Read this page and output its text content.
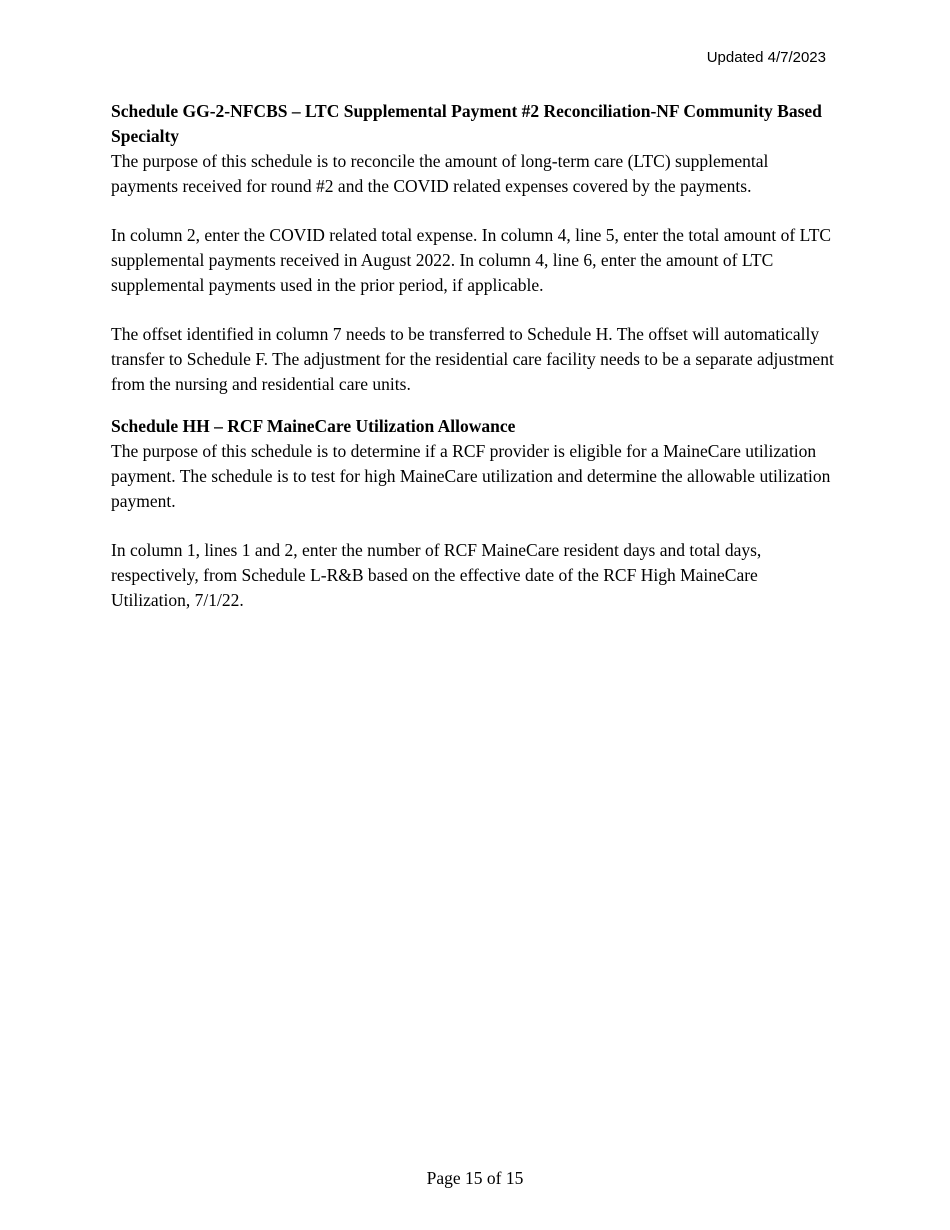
Updated 4/7/2023

Schedule GG-2-NFCBS – LTC Supplemental Payment #2 Reconciliation-NF Community Based Specialty

The purpose of this schedule is to reconcile the amount of long-term care (LTC) supplemental payments received for round #2 and the COVID related expenses covered by the payments.

In column 2, enter the COVID related total expense. In column 4, line 5, enter the total amount of LTC supplemental payments received in August 2022. In column 4, line 6, enter the amount of LTC supplemental payments used in the prior period, if applicable.

The offset identified in column 7 needs to be transferred to Schedule H. The offset will automatically transfer to Schedule F. The adjustment for the residential care facility needs to be a separate adjustment from the nursing and residential care units.

Schedule HH – RCF MaineCare Utilization Allowance

The purpose of this schedule is to determine if a RCF provider is eligible for a MaineCare utilization payment. The schedule is to test for high MaineCare utilization and determine the allowable utilization payment.

In column 1, lines 1 and 2, enter the number of RCF MaineCare resident days and total days, respectively, from Schedule L-R&B based on the effective date of the RCF High MaineCare Utilization, 7/1/22.

Page 15 of 15
